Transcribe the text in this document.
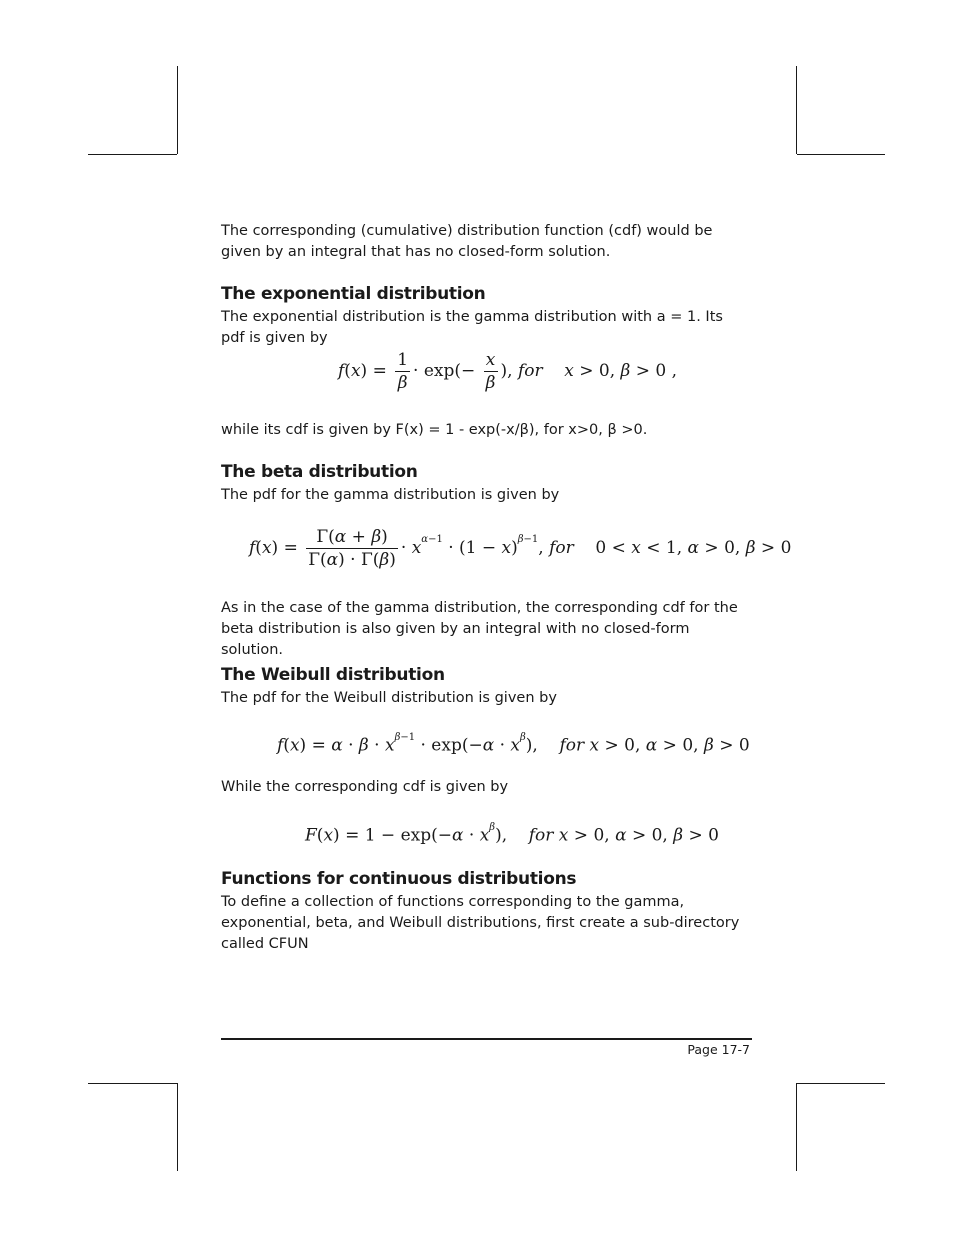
The corresponding (cumulative) distribution function (cdf) would be given by an integral that has no closed-form solution.

The exponential distribution

The exponential distribution is the gamma distribution with a = 1. Its pdf is given by

$f(x) = \frac{1}{\beta} \cdot \exp(- \frac{x}{\beta}$ ), for x > 0, β > 0 ,

while its cdf is given by F(x) = 1 - exp(-x/β), for x>0, β >0.

The beta distribution

The pdf for the gamma distribution is given by

$f(x) = \frac{\Gamma(\alpha + \beta)}{\Gamma(\alpha) \cdot \Gamma(\beta)} \cdot x^{\alpha-1} \cdot (1 - x)^{\beta-1}$, for    0 < x < 1, α > 0, β > 0

As in the case of the gamma distribution, the corresponding cdf for the beta distribution is also given by an integral with no closed-form solution.

The Weibull distribution

The pdf for the Weibull distribution is given by

$f(x) = \alpha \cdot \beta \cdot x^{\beta-1} \cdot \exp(-\alpha \cdot x^\beta)$,    for x > 0, α > 0, β > 0

While the corresponding cdf is given by

$F(x) = 1 - \exp(-\alpha \cdot x^\beta)$,    for x > 0, α > 0, β > 0
Functions for continuous distributions

To define a collection of functions corresponding to the gamma, exponential, beta, and Weibull distributions, first create a sub-directory called CFUN

Page 17-7
